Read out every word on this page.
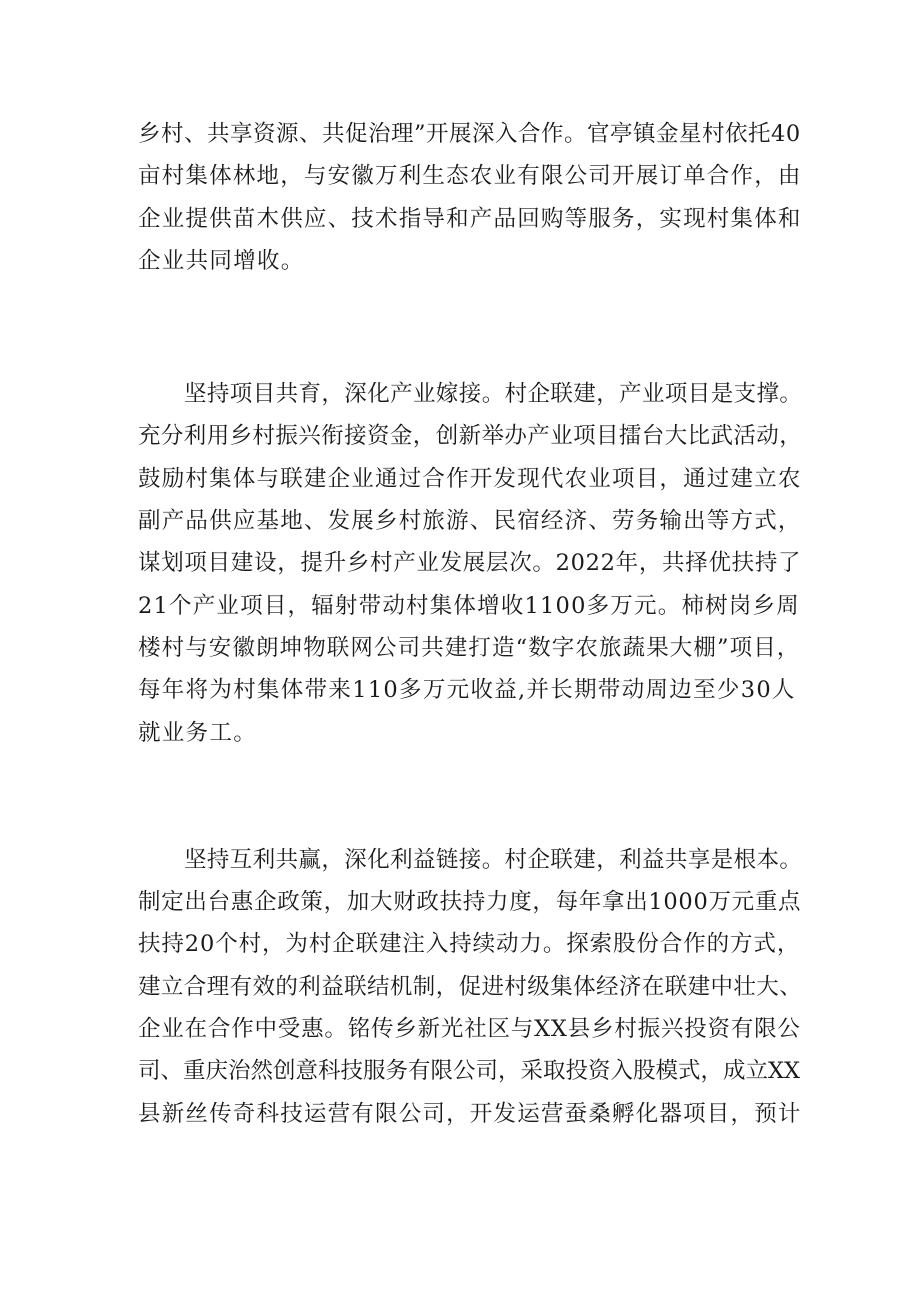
乡村、共享资源、共促治理”开展深入合作。官亭镇金星村依托40
亩村集体林地，与安徽万利生态农业有限公司开展订单合作，由
企业提供苗木供应、技术指导和产品回购等服务，实现村集体和
企业共同增收。
坚持项目共育，深化产业嫁接。村企联建，产业项目是支撑。
充分利用乡村振兴衔接资金，创新举办产业项目擂台大比武活动，
鼓励村集体与联建企业通过合作开发现代农业项目，通过建立农
副产品供应基地、发展乡村旅游、民宿经济、劳务输出等方式，
谋划项目建设，提升乡村产业发展层次。2022年，共择优扶持了
21个产业项目，辐射带动村集体增收1100多万元。柿树岗乡周
楼村与安徽朗坤物联网公司共建打造“数字农旅蔬果大棚”项目，
每年将为村集体带来110多万元收益,并长期带动周边至少30人
就业务工。
坚持互利共赢，深化利益链接。村企联建，利益共享是根本。
制定出台惠企政策，加大财政扶持力度，每年拿出1000万元重点
扶持20个村，为村企联建注入持续动力。探索股份合作的方式，
建立合理有效的利益联结机制，促进村级集体经济在联建中壮大、
企业在合作中受惠。铭传乡新光社区与XX县乡村振兴投资有限公
司、重庆治然创意科技服务有限公司，采取投资入股模式，成立XX
县新丝传奇科技运营有限公司，开发运营蚕桑孵化器项目，预计
